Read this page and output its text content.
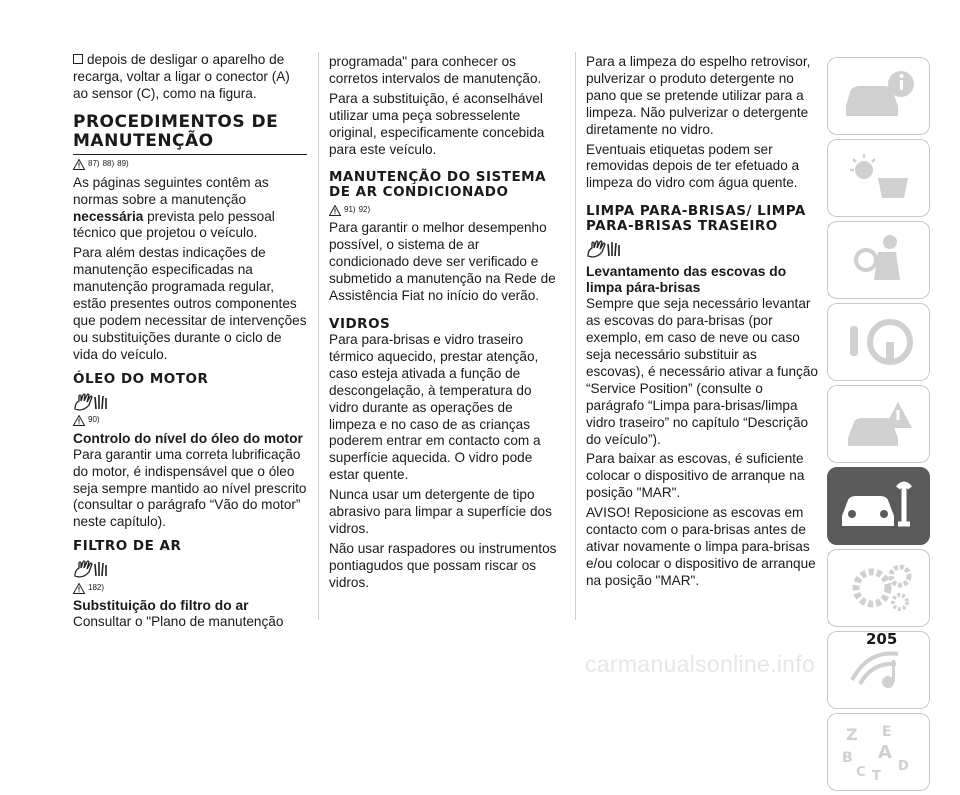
depois de desligar o aparelho de recarga, voltar a ligar o conector (A) ao sensor (C), como na figura.

PROCEDIMENTOS DE MANUTENÇÃO
87) 88) 89)

As páginas seguintes contêm as normas sobre a manutenção necessária prevista pelo pessoal técnico que projetou o veículo.

Para além destas indicações de manutenção especificadas na manutenção programada regular, estão presentes outros componentes que podem necessitar de intervenções ou substituições durante o ciclo de vida do veículo.

ÓLEO DO MOTOR
90)
Controlo do nível do óleo do motor

Para garantir uma correta lubrificação do motor, é indispensável que o óleo seja sempre mantido ao nível prescrito (consultar o parágrafo “Vão do motor” neste capítulo).

FILTRO DE AR
182)
Substituição do filtro do ar

Consultar o "Plano de manutenção

programada" para conhecer os corretos intervalos de manutenção.

Para a substituição, é aconselhável utilizar uma peça sobresselente original, especificamente concebida para este veículo.

MANUTENÇÃO DO SISTEMA DE AR CONDICIONADO
91) 92)

Para garantir o melhor desempenho possível, o sistema de ar condicionado deve ser verificado e submetido a manutenção na Rede de Assistência Fiat no início do verão.

VIDROS

Para para-brisas e vidro traseiro térmico aquecido, prestar atenção, caso esteja ativada a função de descongelação, à temperatura do vidro durante as operações de limpeza e no caso de as crianças poderem entrar em contacto com a superfície aquecida. O vidro pode estar quente.

Nunca usar um detergente de tipo abrasivo para limpar a superfície dos vidros.

Não usar raspadores ou instrumentos pontiagudos que possam riscar os vidros.

Para a limpeza do espelho retrovisor, pulverizar o produto detergente no pano que se pretende utilizar para a limpeza. Não pulverizar o detergente diretamente no vidro.

Eventuais etiquetas podem ser removidas depois de ter efetuado a limpeza do vidro com água quente.

LIMPA PARA-BRISAS/ LIMPA PARA-BRISAS TRASEIRO
Levantamento das escovas do limpa pára-brisas

Sempre que seja necessário levantar as escovas do para-brisas (por exemplo, em caso de neve ou caso seja necessário substituir as escovas), é necessário ativar a função “Service Position” (consulte o parágrafo “Limpa para-brisas/limpa vidro traseiro” no capítulo “Descrição do veículo”).

Para baixar as escovas, é suficiente colocar o dispositivo de arranque na posição "MAR".

AVISO! Reposicione as escovas em contacto com o para-brisas antes de ativar novamente o limpa para-brisas e/ou colocar o dispositivo de arranque na posição "MAR".

Z E
B A
C D
T
205
carmanualsonline.info
